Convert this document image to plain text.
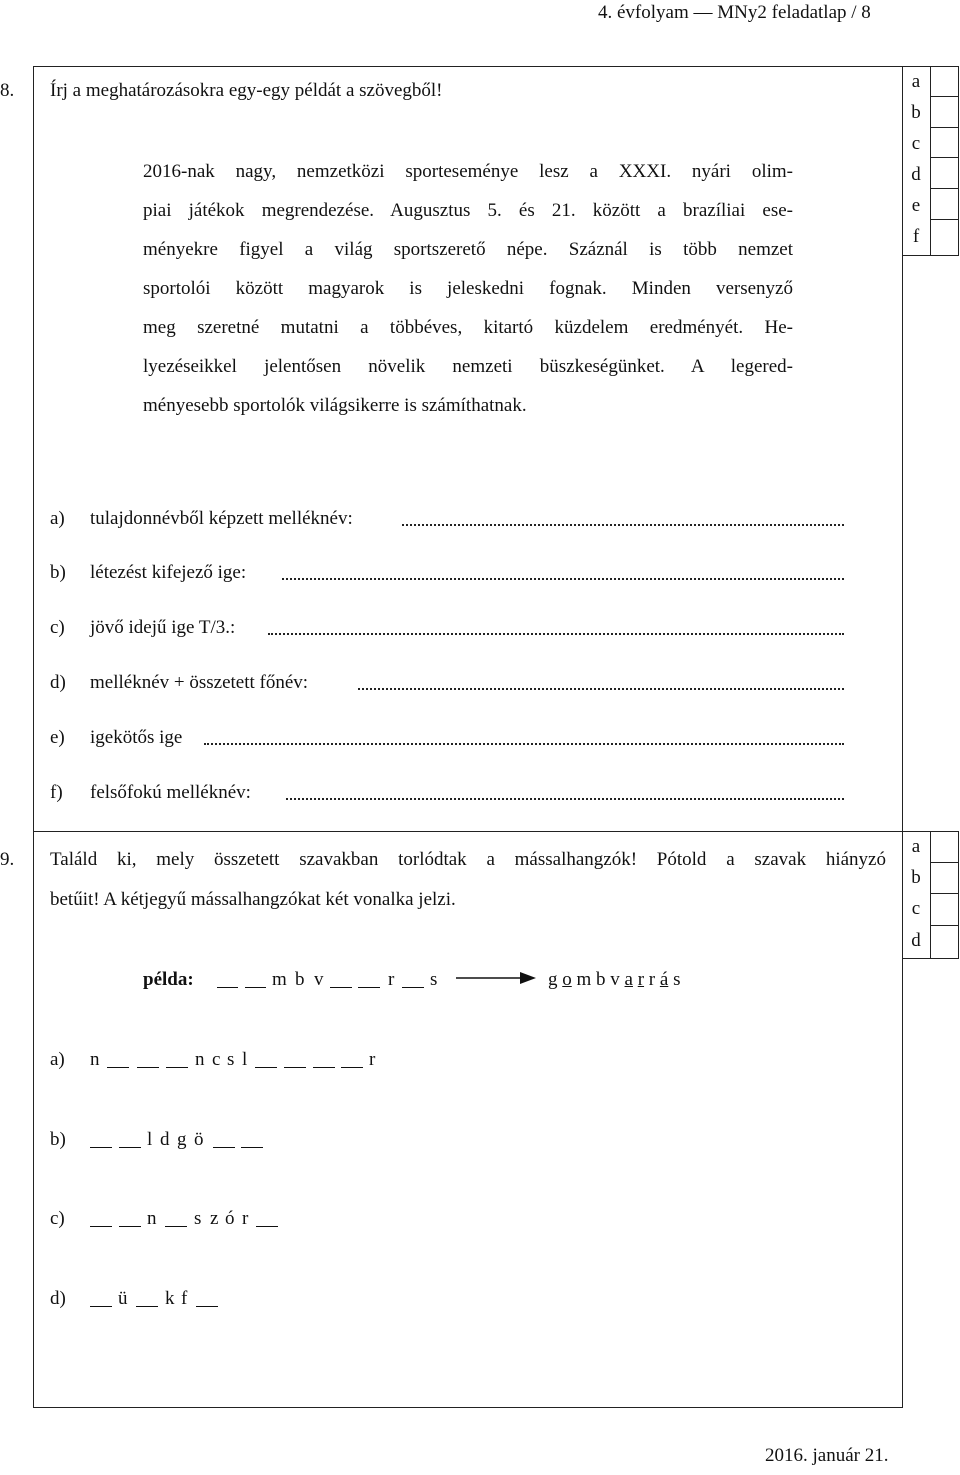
4. évfolyam — MNy2 feladatlap / 8
a
b
c
d
e
f
8. Írj a meghatározásokra egy-egy példát a szövegből!
2016-nak nagy, nemzetközi sporteseménye lesz a XXXI. nyári olim-
piai játékok megrendezése. Augusztus 5. és 21. között a brazíliai ese-
ményekre figyel a világ sportszerető népe. Száznál is több nemzet
sportolói között magyarok is jeleskedni fognak. Minden versenyző
meg szeretné mutatni a többéves, kitartó küzdelem eredményét. He-
lyezéseikkel jelentősen növelik nemzeti büszkeségünket. A legered-
ményesebb sportolók világsikerre is számíthatnak.
a) tulajdonnévből képzett melléknév:
b) létezést kifejező ige:
c) jövő idejű ige T/3.:
d) melléknév + összetett főnév:
e) igekötős ige
f) felsőfokú melléknév:
a
b
c
d
9. Találd ki, mely összetett szavakban torlódtak a mássalhangzók! Pótold a szavak hiányzó
betűit! A kétjegyű mássalhangzókat két vonalka jelzi.
példa:	m b v	r s	g o m b v a r r á s
a) n	n c s l	r
b)	l d g ö
c)	n s z ó r
d)	ü k f
2016. január 21.
